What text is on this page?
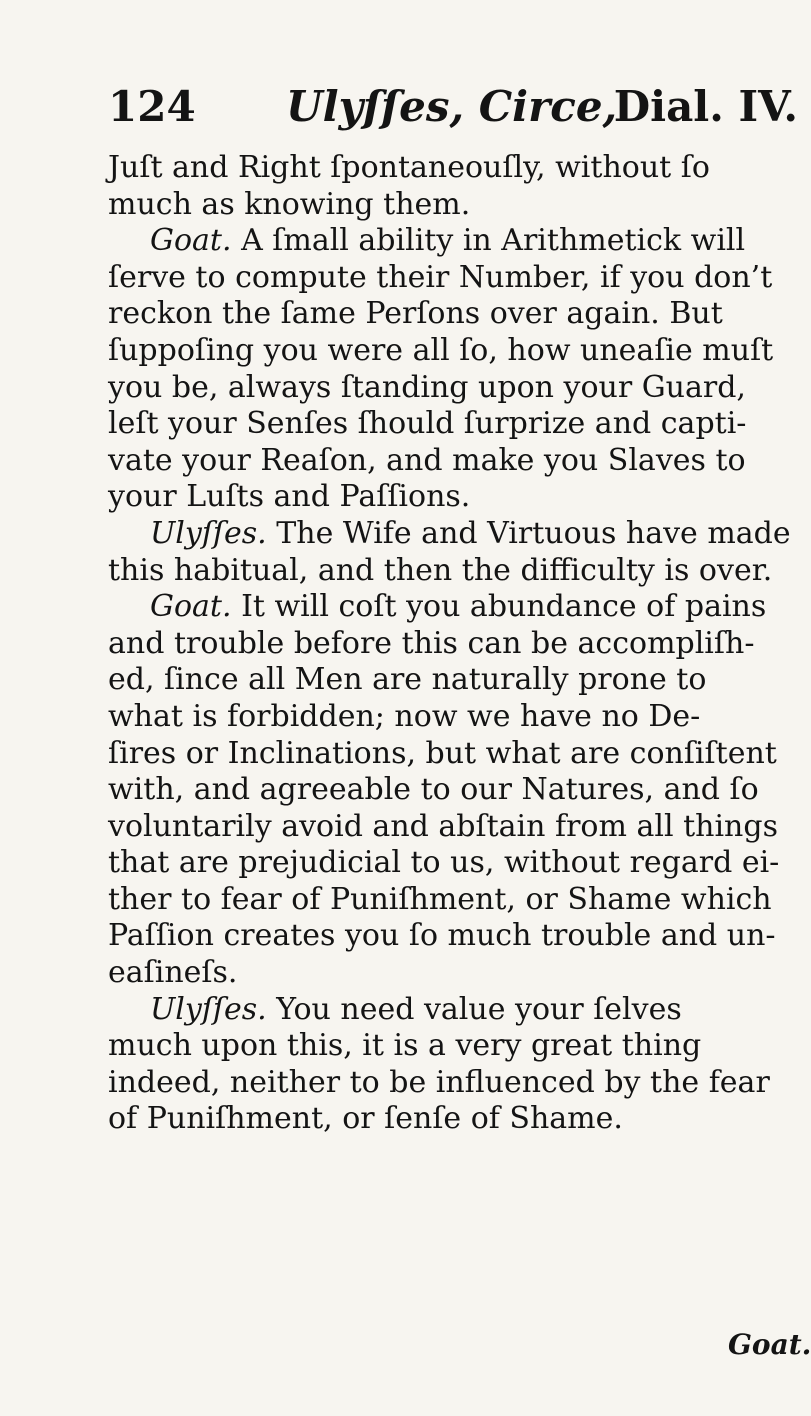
124 Ulyſſes, Circe,
Dial. IV.
Juſt and Right ſpontaneouſly, without ſo
much as knowing them.
Goat. A ſmall ability in Arithmetick will
ſerve to compute their Number, if you don’t
reckon the ſame Perſons over again. But
ſuppoſing you were all ſo, how uneaſie muſt
you be, always ſtanding upon your Guard,
leſt your Senſes ſhould ſurprize and capti-
vate your Reaſon, and make you Slaves to
your Luſts and Paſſions.
Ulyſſes. The Wife and Virtuous have made
this habitual, and then the difficulty is over.
Goat. It will coſt you abundance of pains
and trouble before this can be accompliſh-
ed, ſince all Men are naturally prone to
what is forbidden; now we have no De-
ſires or Inclinations, but what are conſiſtent
with, and agreeable to our Natures, and ſo
voluntarily avoid and abſtain from all things
that are prejudicial to us, without regard ei-
ther to fear of Puniſhment, or Shame which
Paſſion creates you ſo much trouble and un-
eaſineſs.
Ulyſſes. You need value your ſelves
much upon this, it is a very great thing
indeed, neither to be influenced by the fear
of Puniſhment, or ſenſe of Shame.
Goat.
